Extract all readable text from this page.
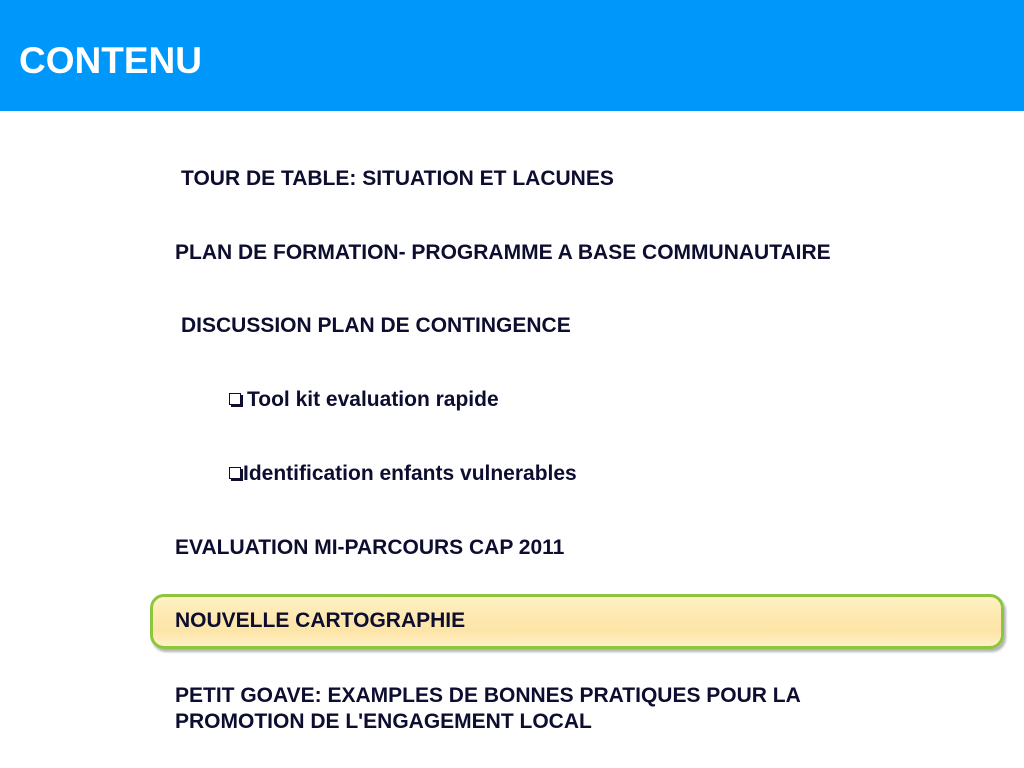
CONTENU
TOUR DE TABLE: SITUATION ET LACUNES
PLAN DE FORMATION- PROGRAMME A BASE COMMUNAUTAIRE
DISCUSSION PLAN DE CONTINGENCE
Tool kit evaluation rapide
Identification enfants vulnerables
EVALUATION MI-PARCOURS CAP 2011
NOUVELLE CARTOGRAPHIE
PETIT GOAVE: EXAMPLES DE BONNES PRATIQUES POUR LA
PROMOTION DE L'ENGAGEMENT LOCAL
